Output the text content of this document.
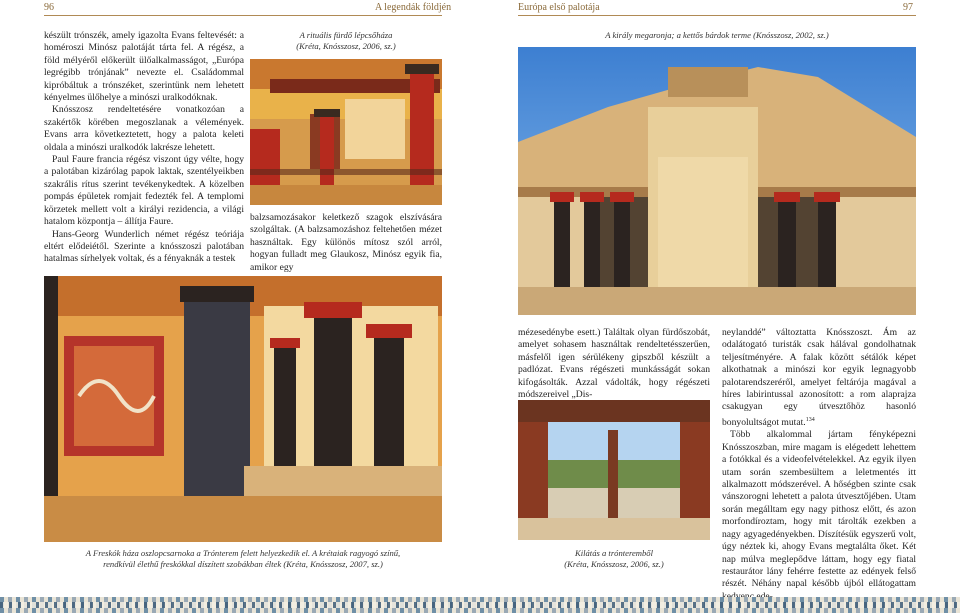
96	A legendák földjén	Európa első palotája	97

készült trónszék, amely igazolta Evans feltevését: a homéroszi Minósz palotáját tárta fel. A régész, a föld mélyéről előkerült ülőalkalmasságot, „Európa legrégibb trónjának” nevezte el. Családommal kipróbáltuk a trónszéket, szerintünk nem lehetett kényelmes ülőhelye a minószi uralkodóknak.

Knósszosz rendeltetésére vonatkozóan a szakértők körében megoszlanak a vélemények. Evans arra következtetett, hogy a palota keleti oldala a minószi uralkodók lakrésze lehetett.

Paul Faure francia régész viszont úgy vélte, hogy a palotában kizárólag papok laktak, szentélyeikben szakrális rítus szerint tevékenykedtek. A közelben pompás épületek romjait fedezték fel. A templomi körzetek mellett volt a királyi rezidencia, a világi hatalom központja – állítja Faure.

Hans-Georg Wunderlich német régész teóriája eltért elődeiétől. Szerinte a knósszoszi palotában hatalmas sírhelyek voltak, és a fényaknák a testek

A rituális fürdő lépcsőháza
(Kréta, Knósszosz, 2006, sz.)
balzsamozásakor keletkező szagok elszívására szolgáltak. (A balzsamozáshoz feltehetően mézet használtak. Egy különös mítosz szól arról, hogyan fulladt meg Glaukosz, Minósz egyik fia, amikor egy
A király megaronja; a kettős bárdok terme (Knósszosz, 2002, sz.)
A Freskók háza oszlopcsarnoka a Trónterem felett helyezkedik el. A krétaiak ragyogó színű,
rendkívül élethű freskókkal díszített szobákban éltek (Kréta, Knósszosz, 2007, sz.)
mézesedénybe esett.) Találtak olyan fürdőszobát, amelyet sohasem használtak rendeltetésszerűen, másfelől igen sérülékeny gipszből készült a padlózat. Evans régészeti munkásságát sokan kifogásolták. Azzal vádolták, hogy régészeti módszereivel „Dis-
Kilátás a trónteremből
(Kréta, Knósszosz, 2006, sz.)

neylanddé” változtatta Knósszoszt. Ám az odalátogató turisták csak hálával gondolhatnak teljesítményére. A falak között sétálók képet alkothatnak a minószi kor egyik legnagyobb palotarendszeréről, amelyet feltárója magával a híres labirintussal azonosított: a rom alaprajza csakugyan egy útvesztőhöz hasonló bonyolultságot mutat.$^{134}$

Több alkalommal jártam fényképezni Knósszoszban, mire magam is elégedett lehettem a fotókkal és a videofelvételekkel. Az egyik ilyen utam során szembesültem a leletmentés itt alkalmazott módszerével. A hőségben szinte csak vánszorogni lehetett a palota útvesztőjében. Utam során megálltam egy nagy pithosz előtt, és azon morfondíroztam, hogy mit tárolták ezekben a nagy agyagedényekben. Díszítésük egyszerű volt, úgy néztek ki, ahogy Evans megtalálta őket. Két nap múlva meglepődve láttam, hogy egy fiatal restaurátor lány fehérre festette az edények felső részét. Néhány napal később újból ellátogattam
